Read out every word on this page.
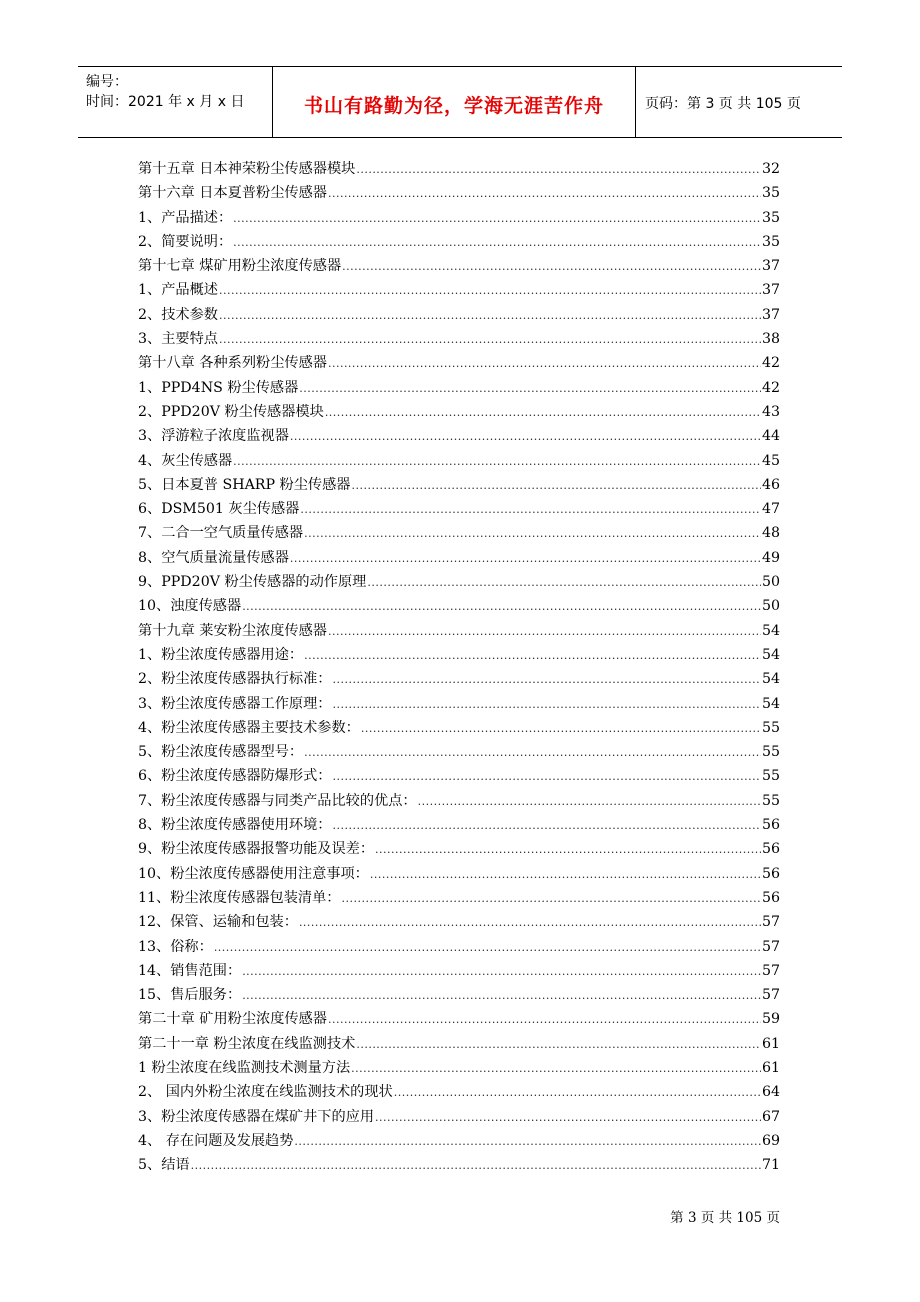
编号：
时间：2021 年 x 月 x 日	书山有路勤为径，学海无涯苦作舟	页码：第 3 页 共 105 页
第十五章 日本神荣粉尘传感器模块 .....	32
第十六章 日本夏普粉尘传感器 .....	35
1、产品描述： .....	35
2、简要说明： .....	35
第十七章 煤矿用粉尘浓度传感器 .....	37
1、产品概述 .....	37
2、技术参数 .....	37
3、主要特点 .....	38
第十八章 各种系列粉尘传感器 .....	42
1、PPD4NS 粉尘传感器 .....	42
2、PPD20V 粉尘传感器模块 .....	43
3、浮游粒子浓度监视器 .....	44
4、灰尘传感器 .....	45
5、日本夏普 SHARP 粉尘传感器 .....	46
6、DSM501 灰尘传感器 .....	47
7、二合一空气质量传感器 .....	48
8、空气质量流量传感器 .....	49
9、PPD20V 粉尘传感器的动作原理 .....	50
10、浊度传感器 .....	50
第十九章 莱安粉尘浓度传感器 .....	54
1、粉尘浓度传感器用途： .....	54
2、粉尘浓度传感器执行标准： .....	54
3、粉尘浓度传感器工作原理： .....	54
4、粉尘浓度传感器主要技术参数： .....	55
5、粉尘浓度传感器型号： .....	55
6、粉尘浓度传感器防爆形式： .....	55
7、粉尘浓度传感器与同类产品比较的优点： .....	55
8、粉尘浓度传感器使用环境： .....	56
9、粉尘浓度传感器报警功能及误差： .....	56
10、粉尘浓度传感器使用注意事项： .....	56
11、粉尘浓度传感器包装清单： .....	56
12、保管、运输和包装： .....	57
13、俗称： .....	57
14、销售范围： .....	57
15、售后服务： .....	57
第二十章 矿用粉尘浓度传感器 .....	59
第二十一章 粉尘浓度在线监测技术 .....	61
1 粉尘浓度在线监测技术测量方法 .....	61
2、 国内外粉尘浓度在线监测技术的现状 .....	64
3、粉尘浓度传感器在煤矿井下的应用 .....	67
4、 存在问题及发展趋势 .....	69
5、结语 .....	71
第 3 页 共 105 页
